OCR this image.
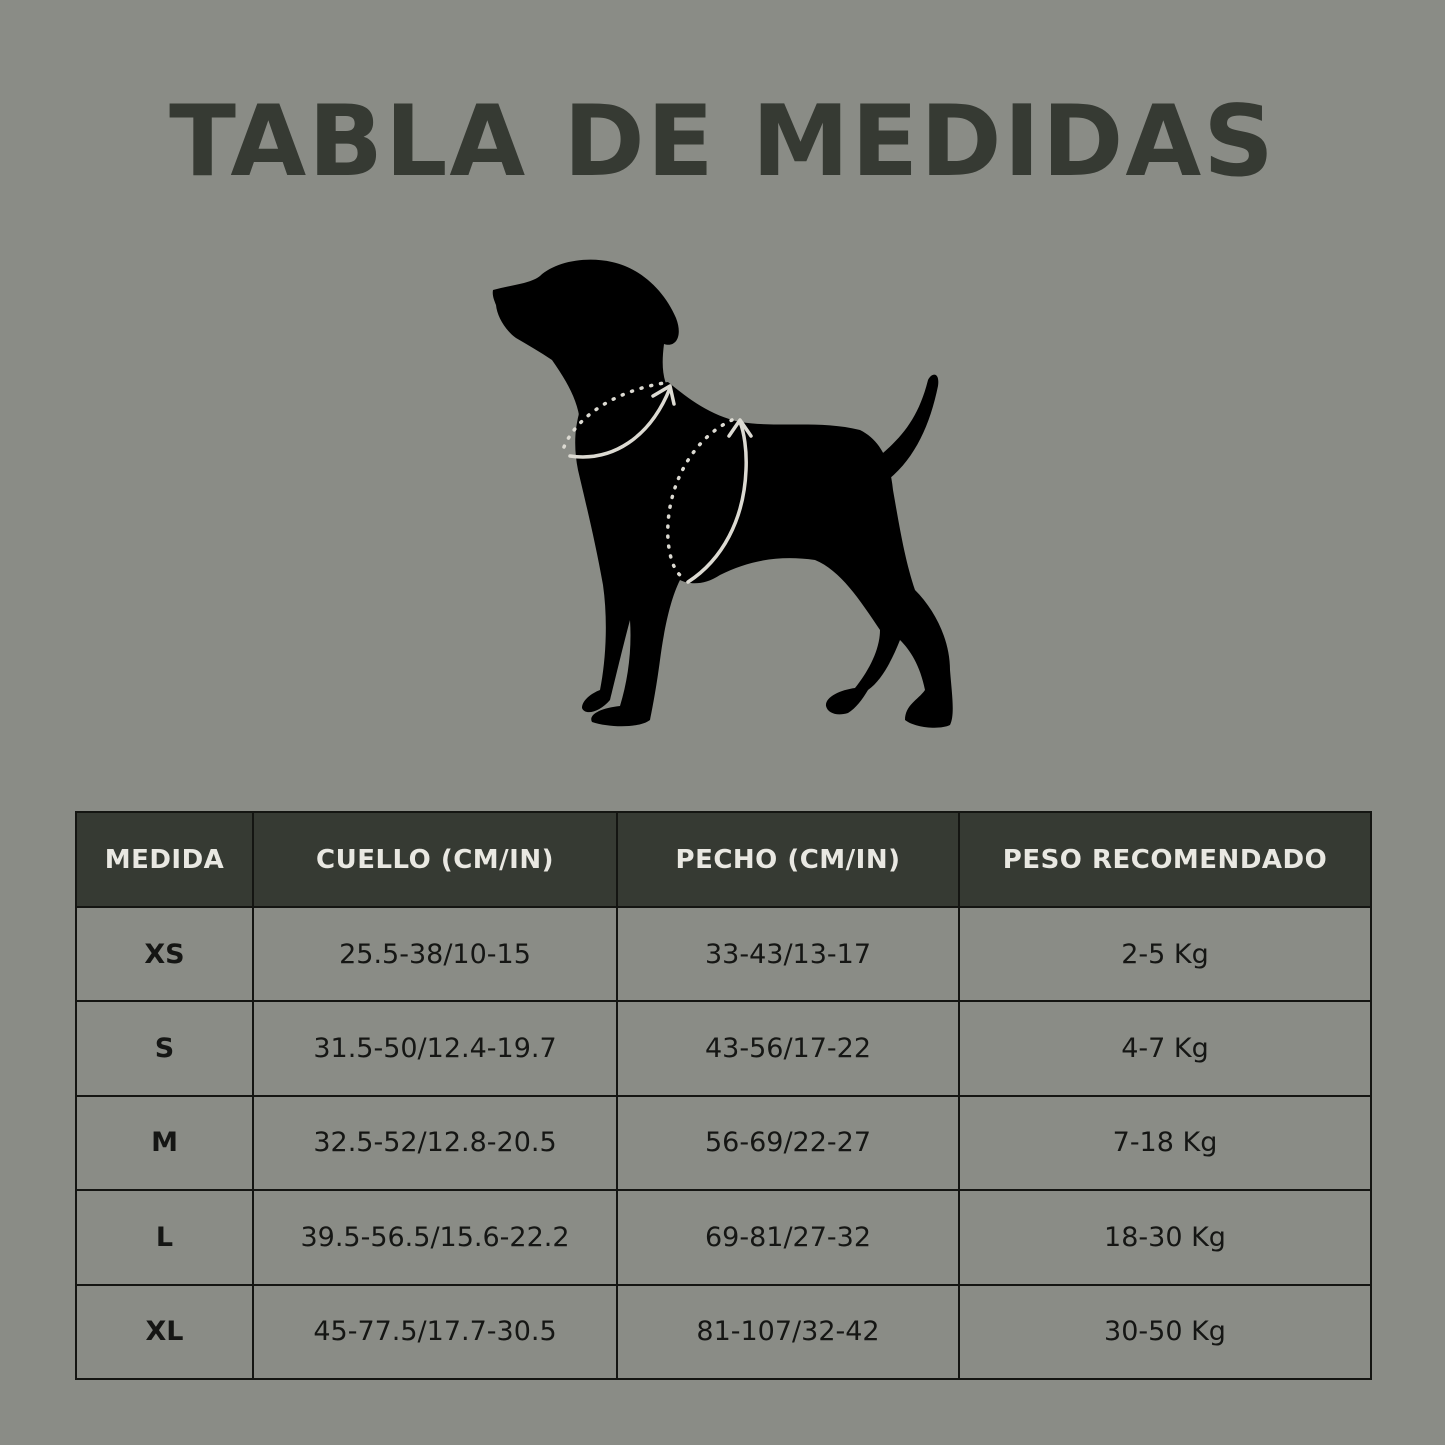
TABLA DE MEDIDAS
MEDIDA	CUELLO (CM/IN)	PECHO (CM/IN)	PESO RECOMENDADO
XS	25.5-38/10-15	33-43/13-17	2-5 Kg
S	31.5-50/12.4-19.7	43-56/17-22	4-7 Kg
M	32.5-52/12.8-20.5	56-69/22-27	7-18 Kg
L	39.5-56.5/15.6-22.2	69-81/27-32	18-30 Kg
XL	45-77.5/17.7-30.5	81-107/32-42	30-50 Kg
